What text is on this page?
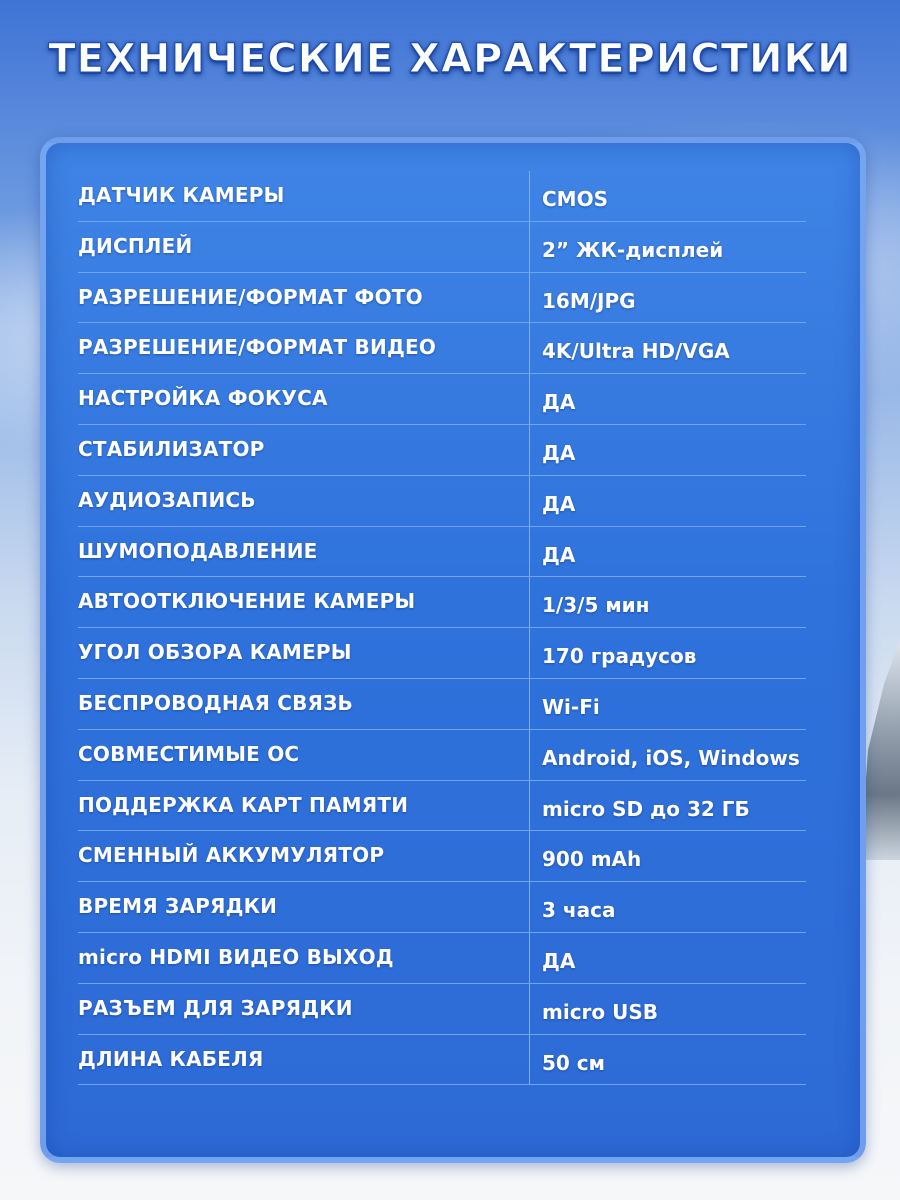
ТЕХНИЧЕСКИЕ ХАРАКТЕРИСТИКИ
ДАТЧИК КАМЕРЫ	CMOS
ДИСПЛЕЙ	2” ЖК-дисплей
РАЗРЕШЕНИЕ/ФОРМАТ ФОТО	16M/JPG
РАЗРЕШЕНИЕ/ФОРМАТ ВИДЕО	4K/Ultra HD/VGA
НАСТРОЙКА ФОКУСА	ДА
СТАБИЛИЗАТОР	ДА
АУДИОЗАПИСЬ	ДА
ШУМОПОДАВЛЕНИЕ	ДА
АВТООТКЛЮЧЕНИЕ КАМЕРЫ	1/3/5 мин
УГОЛ ОБЗОРА КАМЕРЫ	170 градусов
БЕСПРОВОДНАЯ СВЯЗЬ	Wi-Fi
СОВМЕСТИМЫЕ ОС	Android, iOS, Windows
ПОДДЕРЖКА КАРТ ПАМЯТИ	micro SD до 32 ГБ
СМЕННЫЙ АККУМУЛЯТОР	900 mAh
ВРЕМЯ ЗАРЯДКИ	3 часа
micro HDMI ВИДЕО ВЫХОД	ДА
РАЗЪЕМ ДЛЯ ЗАРЯДКИ	micro USB
ДЛИНА КАБЕЛЯ	50 см
